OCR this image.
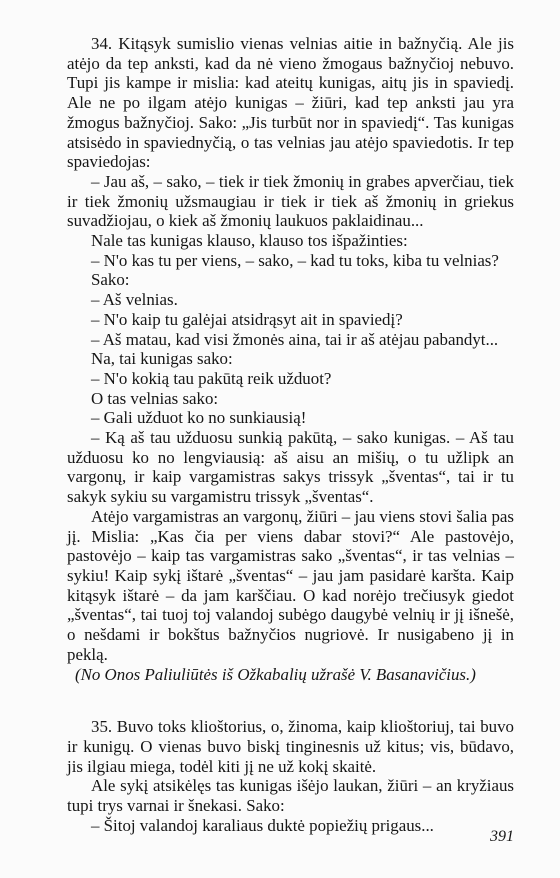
34. Kitąsyk sumislio vienas velnias aitie in bažnyčią. Ale jis atėjo da tep anksti, kad da nė vieno žmogaus bažnyčioj nebuvo. Tupi jis kampe ir mislia: kad ateitų kunigas, aitų jis in spaviedį. Ale ne po ilgam atėjo kunigas – žiūri, kad tep anksti jau yra žmogus bažnyčioj. Sako: „Jis turbūt nor in spaviedį“. Tas kunigas atsisėdo in spaviednyčią, o tas velnias jau atėjo spaviedotis. Ir tep spaviedojas:

– Jau aš, – sako, – tiek ir tiek žmonių in grabes apverčiau, tiek ir tiek žmonių užsmaugiau ir tiek ir tiek aš žmonių in griekus suvadžiojau, o kiek aš žmonių laukuos paklaidinau...

Nale tas kunigas klauso, klauso tos išpažinties:

– N'o kas tu per viens, – sako, – kad tu toks, kiba tu velnias?

Sako:

– Aš velnias.

– N'o kaip tu galėjai atsidrąsyt ait in spaviedį?

– Aš matau, kad visi žmonės aina, tai ir aš atėjau pabandyt...

Na, tai kunigas sako:

– N'o kokią tau pakūtą reik užduot?

O tas velnias sako:

– Gali užduot ko no sunkiausią!

– Ką aš tau užduosu sunkią pakūtą, – sako kunigas. – Aš tau užduosu ko no lengviausią: aš aisu an mišių, o tu užlipk an vargonų, ir kaip vargamistras sakys trissyk „šventas“, tai ir tu sakyk sykiu su vargamistru trissyk „šventas“.

Atėjo vargamistras an vargonų, žiūri – jau viens stovi šalia pas jį. Mislia: „Kas čia per viens dabar stovi?“ Ale pastovėjo, pastovėjo – kaip tas vargamistras sako „šventas“, ir tas velnias – sykiu! Kaip sykį ištarė „šventas“ – jau jam pasidarė karšta. Kaip kitąsyk ištarė – da jam karščiau. O kad norėjo trečiusyk giedot „šventas“, tai tuoj toj valandoj subėgo daugybė velnių ir jį išnešė, o nešdami ir bokštus bažnyčios nugriovė. Ir nusigabeno jį in peklą.

(No Onos Paliuliūtės iš Ožkabalių užrašė V. Basanavičius.)

35. Buvo toks klioštorius, o, žinoma, kaip klioštoriuj, tai buvo ir kunigų. O vienas buvo biskį tinginesnis už kitus; vis, būdavo, jis ilgiau miega, todėl kiti jį ne už kokį skaitė.

Ale sykį atsikėlęs tas kunigas išėjo laukan, žiūri – an kryžiaus tupi trys varnai ir šnekasi. Sako:

– Šitoj valandoj karaliaus duktė popiežių prigaus...

391
